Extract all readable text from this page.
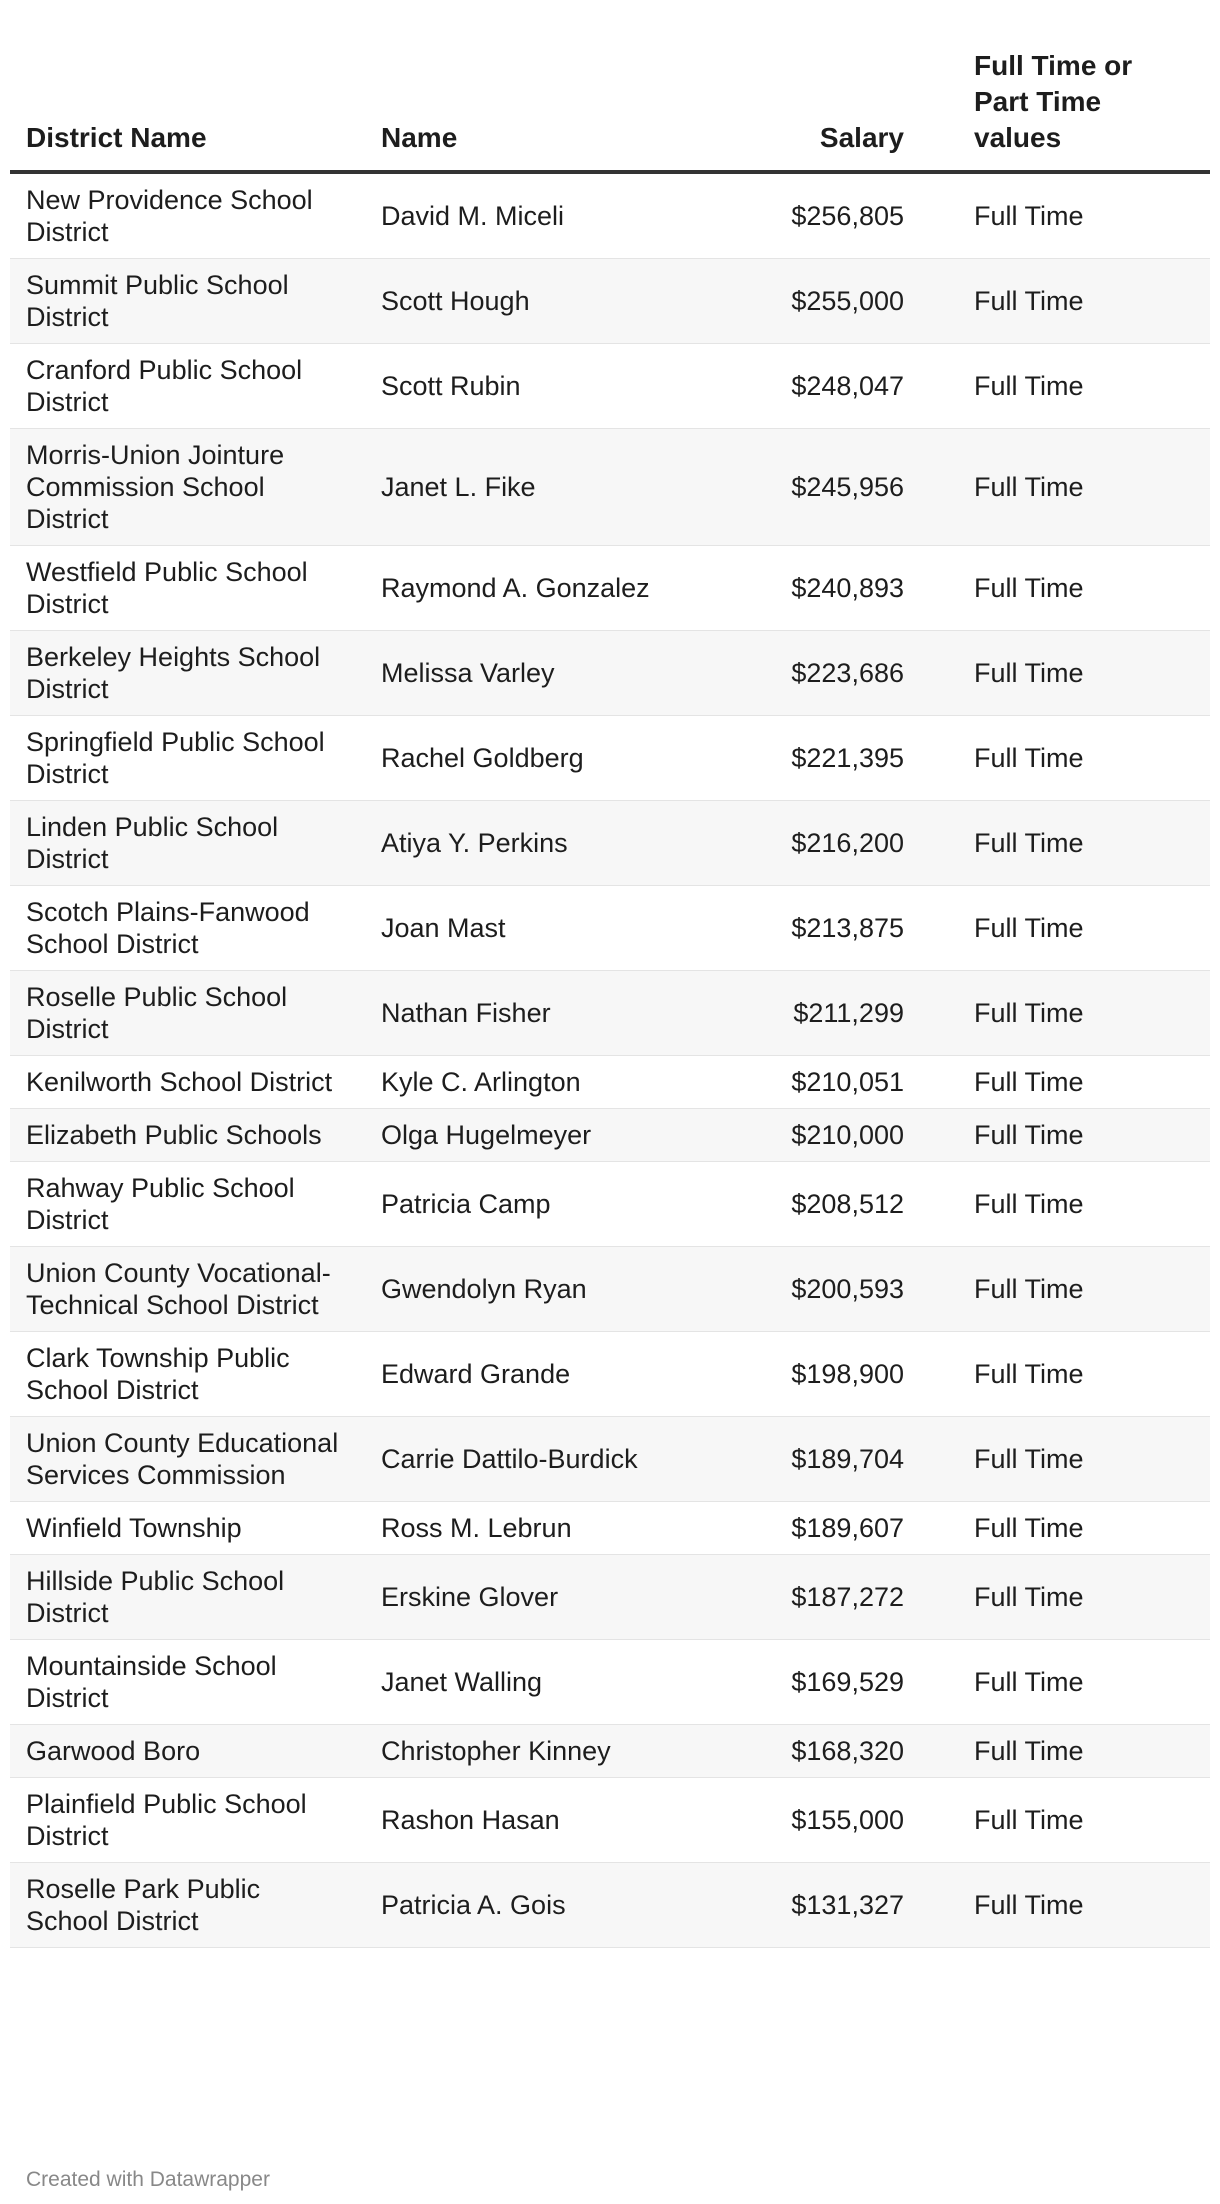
District Name	Name	Salary	Full Time or Part Time values
New Providence School District	David M. Miceli	$256,805	Full Time
Summit Public School District	Scott Hough	$255,000	Full Time
Cranford Public School District	Scott Rubin	$248,047	Full Time
Morris-Union Jointure Commission School District	Janet L. Fike	$245,956	Full Time
Westfield Public School District	Raymond A. Gonzalez	$240,893	Full Time
Berkeley Heights School District	Melissa Varley	$223,686	Full Time
Springfield Public School District	Rachel Goldberg	$221,395	Full Time
Linden Public School District	Atiya Y. Perkins	$216,200	Full Time
Scotch Plains-Fanwood School District	Joan Mast	$213,875	Full Time
Roselle Public School District	Nathan Fisher	$211,299	Full Time
Kenilworth School District	Kyle C. Arlington	$210,051	Full Time
Elizabeth Public Schools	Olga Hugelmeyer	$210,000	Full Time
Rahway Public School District	Patricia Camp	$208,512	Full Time
Union County Vocational-Technical School District	Gwendolyn Ryan	$200,593	Full Time
Clark Township Public School District	Edward Grande	$198,900	Full Time
Union County Educational Services Commission	Carrie Dattilo-Burdick	$189,704	Full Time
Winfield Township	Ross M. Lebrun	$189,607	Full Time
Hillside Public School District	Erskine Glover	$187,272	Full Time
Mountainside School District	Janet Walling	$169,529	Full Time
Garwood Boro	Christopher Kinney	$168,320	Full Time
Plainfield Public School District	Rashon Hasan	$155,000	Full Time
Roselle Park Public School District	Patricia A. Gois	$131,327	Full Time
Created with Datawrapper
